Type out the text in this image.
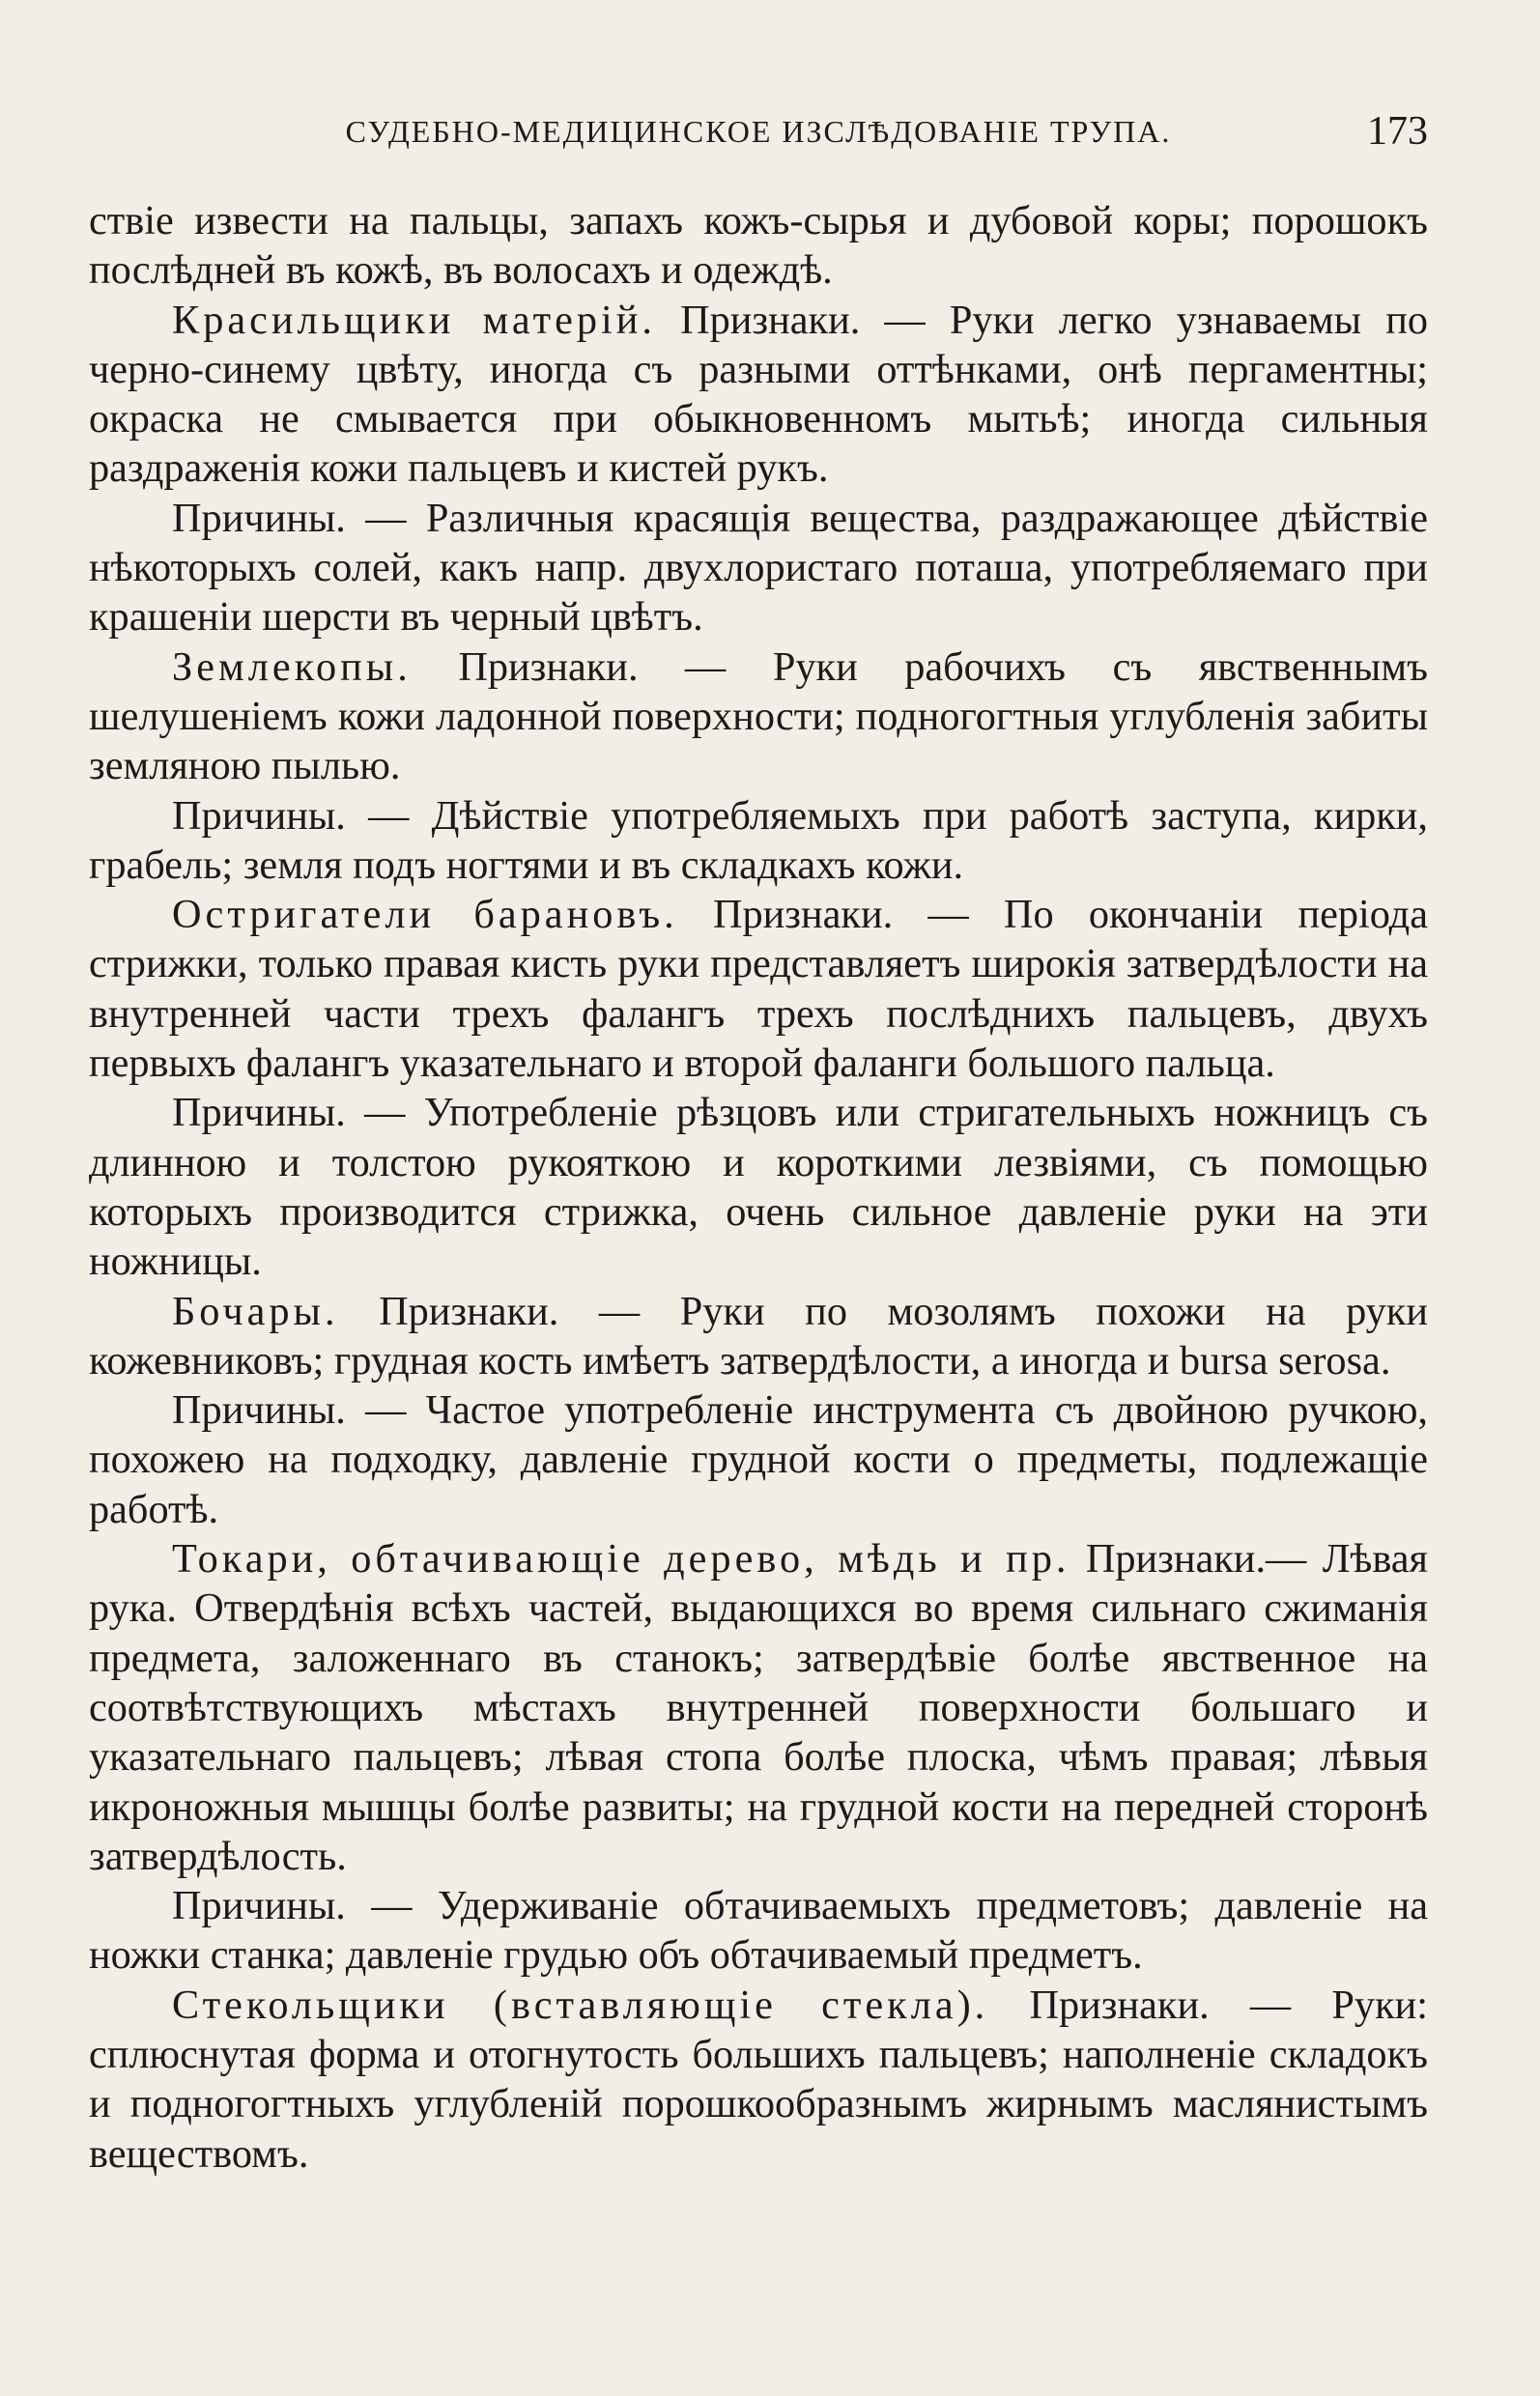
СУДЕБНО-МЕДИЦИНСКОЕ ИЗСЛѢДОВАНІЕ ТРУПА.	173

ствіе извести на пальцы, запахъ кожъ-сырья и дубовой коры; порошокъ послѣдней въ кожѣ, въ волосахъ и одеждѣ.

Красильщики матерій. Признаки. — Руки легко узнаваемы по черно-синему цвѣту, иногда съ разными оттѣнками, онѣ пергаментны; окраска не смывается при обыкновенномъ мытьѣ; иногда сильныя раздраженія кожи пальцевъ и кистей рукъ.

Причины. — Различныя красящія вещества, раздражающее дѣйствіе нѣкоторыхъ солей, какъ напр. двухлористаго поташа, употребляемаго при крашеніи шерсти въ черный цвѣтъ.

Землекопы. Признаки. — Руки рабочихъ съ явственнымъ шелушеніемъ кожи ладонной поверхности; подногогтныя углубленія забиты земляною пылью.

Причины. — Дѣйствіе употребляемыхъ при работѣ заступа, кирки, грабель; земля подъ ногтями и въ складкахъ кожи.

Остригатели барановъ. Признаки. — По окончаніи періода стрижки, только правая кисть руки представляетъ широкія затвердѣлости на внутренней части трехъ фалангъ трехъ послѣднихъ пальцевъ, двухъ первыхъ фалангъ указательнаго и второй фаланги большого пальца.

Причины. — Употребленіе рѣзцовъ или стригательныхъ ножницъ съ длинною и толстою рукояткою и короткими лезвіями, съ помощью которыхъ производится стрижка, очень сильное давленіе руки на эти ножницы.

Бочары. Признаки. — Руки по мозолямъ похожи на руки кожевниковъ; грудная кость имѣетъ затвердѣлости, а иногда и bursa serosa.

Причины. — Частое употребленіе инструмента съ двойною ручкою, похожею на подходку, давленіе грудной кости о предметы, подлежащіе работѣ.

Токари, обтачивающіе дерево, мѣдь и пр. Признаки.— Лѣвая рука. Отвердѣнія всѣхъ частей, выдающихся во время сильнаго сжиманія предмета, заложеннаго въ станокъ; затвердѣвіе болѣе явственное на соотвѣтствующихъ мѣстахъ внутренней поверхности большаго и указательнаго пальцевъ; лѣвая стопа болѣе плоска, чѣмъ правая; лѣвыя икроножныя мышцы болѣе развиты; на грудной кости на передней сторонѣ затвердѣлость.

Причины. — Удерживаніе обтачиваемыхъ предметовъ; давленіе на ножки станка; давленіе грудью объ обтачиваемый предметъ.

Стекольщики (вставляющіе стекла). Признаки. — Руки: сплюснутая форма и отогнутость большихъ пальцевъ; наполненіе складокъ и подногогтныхъ углубленій порошкообразнымъ жирнымъ маслянистымъ веществомъ.
